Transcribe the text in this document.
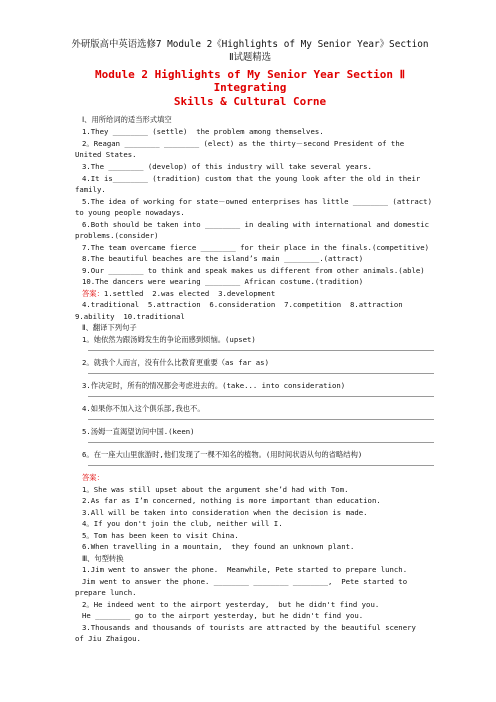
外研版高中英语选修7 Module 2《Highlights of My Senior Year》Section
Ⅱ试题精选
Module 2 Highlights of My Senior Year Section Ⅱ Integrating
Skills & Cultural Corne
Ⅰ、用所给词的适当形式填空
1.They ________ (settle)  the problem among themselves.
2。Reagan ________ ________ (elect) as the thirty－second President of the
United States.
3.The ________ (develop) of this industry will take several years.
4.It is________ (tradition) custom that the young look after the old in their
family.
5.The idea of working for state－owned enterprises has little ________ (attract)
to young people nowadays.
6.Both should be taken into ________ in dealing with international and domestic
problems.(consider)
7.The team overcame fierce ________ for their place in the finals.(competitive)
8.The beautiful beaches are the island’s main ________.(attract)
9.Our ________ to think and speak makes us different from other animals.(able)
10.The dancers were wearing ________ African costume.(tradition)
答案：1.settled  2.was elected  3.development
4.traditional  5.attraction  6.consideration  7.competition  8.attraction
9.ability  10.traditional
Ⅱ、翻译下列句子
1。她依然为跟汤姆发生的争论而感到烦恼。(upset)
2。就我个人而言，没有什么比教育更重要（as far as)
3.作决定时，所有的情况都会考虑进去的。(take... into consideration)
4.如果你不加入这个俱乐部,我也不。
5.汤姆一直渴望访问中国.(keen)
6。在一座大山里旅游时,他们发现了一棵不知名的植物。(用时间状语从句的省略结构)
答案：
1。She was still upset about the argument she’d had with Tom.
2.As far as I’m concerned, nothing is more important than education.
3.All will be taken into consideration when the decision is made.
4。If you don't join the club, neither will I.
5。Tom has been keen to visit China.
6.When travelling in a mountain,  they found an unknown plant.
Ⅲ、句型转换
1.Jim went to answer the phone.  Meanwhile, Pete started to prepare lunch.
Jim went to answer the phone. ________ ________ ________,  Pete started to
prepare lunch.
2。He indeed went to the airport yesterday,  but he didn't find you.
He ________ go to the airport yesterday, but he didn't find you.
3.Thousands and thousands of tourists are attracted by the beautiful scenery
of Jiu Zhaigou.
